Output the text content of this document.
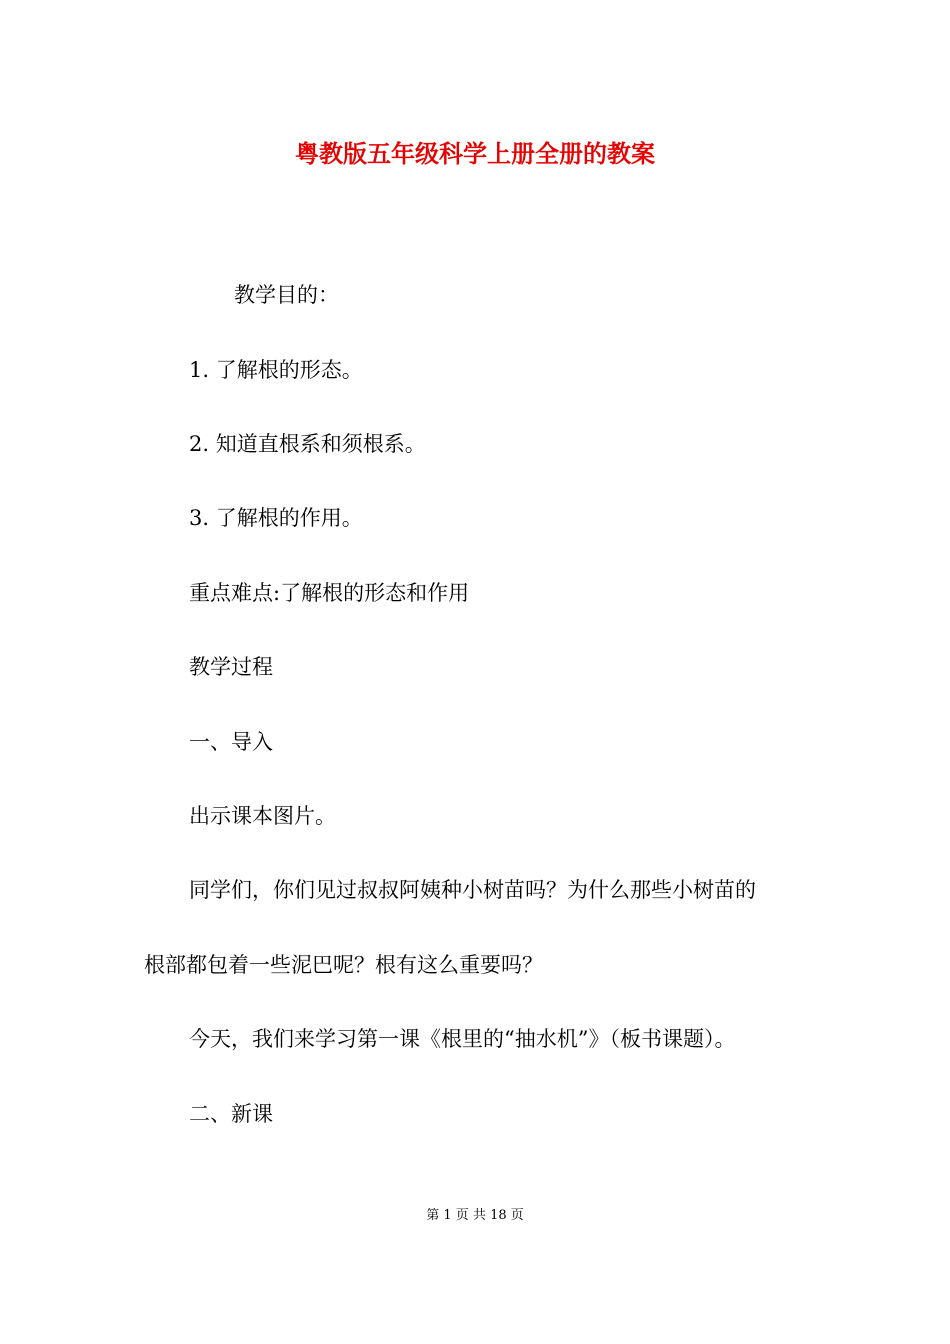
粤教版五年级科学上册全册的教案
教学目的：
1. 了解根的形态。
2. 知道直根系和须根系。
3. 了解根的作用。
重点难点:了解根的形态和作用
教学过程
一、导入
出示课本图片。
同学们，你们见过叔叔阿姨种小树苗吗？为什么那些小树苗的
根部都包着一些泥巴呢？根有这么重要吗？
今天，我们来学习第一课《根里的“抽水机”》（板书课题）。
二、新课
第 1 页 共 18 页
